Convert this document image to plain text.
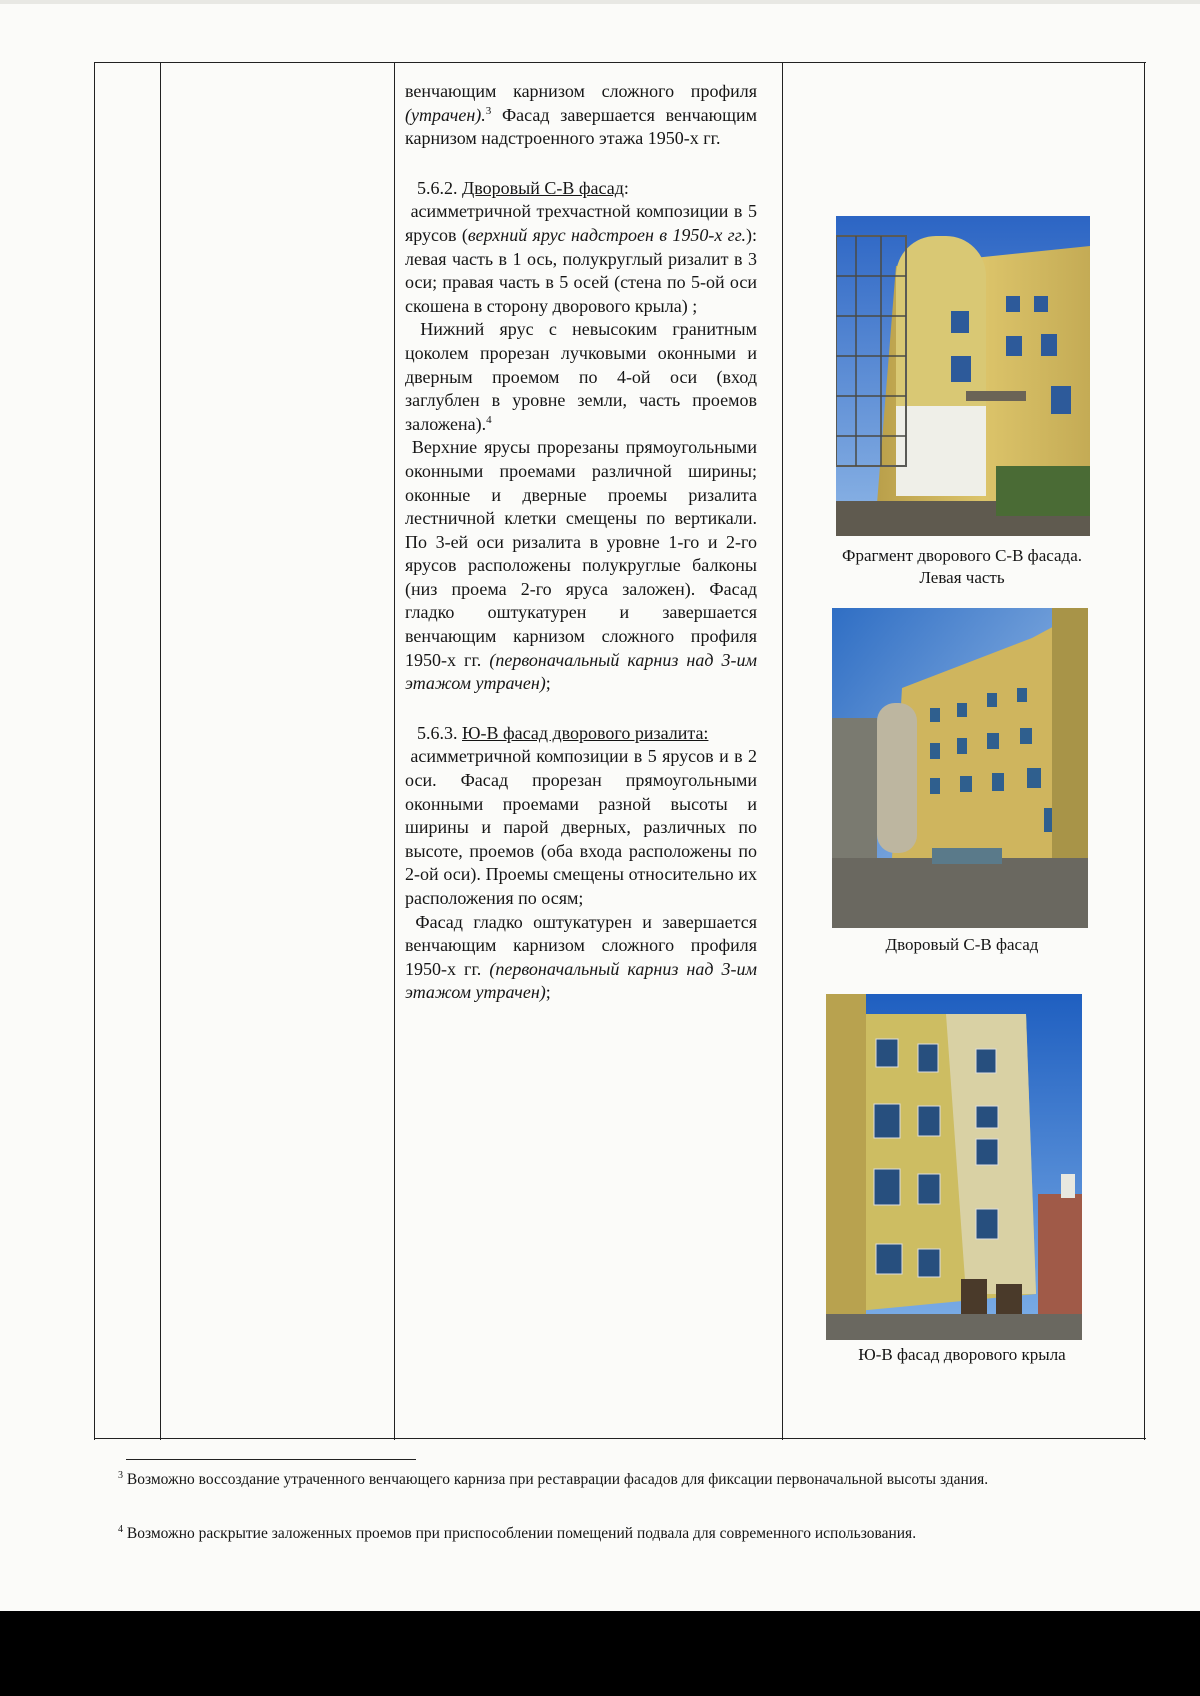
венчающим карнизом сложного профиля (утрачен).$^3$ Фасад завершается венчающим карнизом надстроенного этажа 1950-х гг.

5.6.2. Дворовый С-В фасад:

асимметричной трехчастной композиции в 5 ярусов (верхний ярус надстроен в 1950-х гг.): левая часть в 1 ось, полукруглый ризалит в 3 оси; правая часть в 5 осей (стена по 5-ой оси скошена в сторону дворового крыла) ;

Нижний ярус с невысоким гранитным цоколем прорезан лучковыми оконными и дверным проемом по 4-ой оси (вход заглублен в уровне земли, часть проемов заложена).$^4$

Верхние ярусы прорезаны прямоугольными оконными проемами различной ширины; оконные и дверные проемы ризалита лестничной клетки смещены по вертикали. По 3-ей оси ризалита в уровне 1-го и 2-го ярусов расположены полукруглые балконы (низ проема 2-го яруса заложен). Фасад гладко оштукатурен и завершается венчающим карнизом сложного профиля 1950-х гг. (первоначальный карниз над 3-им этажом утрачен);

5.6.3. Ю-В фасад дворового ризалита:

асимметричной композиции в 5 ярусов и в 2 оси. Фасад прорезан прямоугольными оконными проемами разной высоты и ширины и парой дверных, различных по высоте, проемов (оба входа расположены по 2-ой оси). Проемы смещены относительно их расположения по осям;

Фасад гладко оштукатурен и завершается венчающим карнизом сложного профиля 1950-х гг. (первоначальный карниз над 3-им этажом утрачен);

Фрагмент дворового С-В фасада.
Левая часть
Дворовый С-В фасад
Ю-В фасад дворового крыла
$^3$ Возможно воссоздание утраченного венчающего карниза при реставрации фасадов для фиксации первоначальной высоты здания.
$^4$ Возможно раскрытие заложенных проемов при приспособлении помещений подвала для современного использования.
